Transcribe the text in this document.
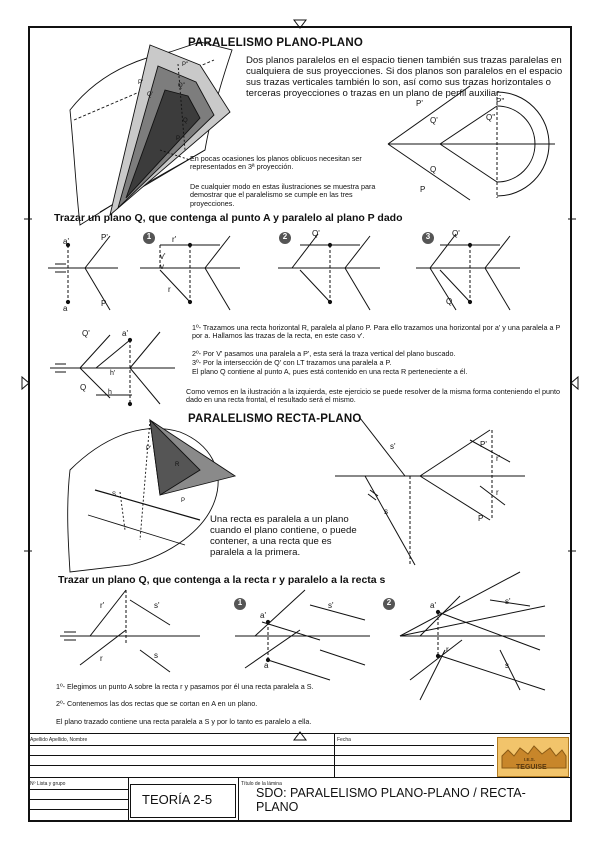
1	2	3
1	2
PARALELISMO PLANO-PLANO
Dos planos paralelos en el espacio tienen también sus trazas paralelas en cualquiera de sus proyecciones. Si dos planos son paralelos en el espacio sus trazas verticales también lo son, así como sus trazas horizontales o terceras proyecciones o trazas en un plano de perfil auxiliar.
En pocas ocasiones los planos oblicuos necesitan ser representados en 3ª proyección.
De cualquier modo en estas ilustraciones se muestra para demostrar que el paralelismo se cumple en las tres proyecciones.
P'
P''
Q'
Q''
Q
P
P'
Q'
P''
Q''
Q
P
Trazar un plano Q, que contenga al punto A y paralelo al plano P dado
a'	P'
a
P
r'
v'
v
r
Q'	Q'
Q
Q'	a'
h'
h
Q
1º- Trazamos una recta horizontal R, paralela al plano P. Para ello trazamos una horizontal por a' y una paralela a P por a. Hallamos las trazas de la recta, en este caso v'.
2º- Por V' pasamos una paralela a P', esta será la traza vertical del plano buscado.
3º- Por la intersección de Q' con LT trazamos una paralela a P.
El plano Q contiene al punto A, pues está contenido en una recta R perteneciente a él.
Como vemos en la ilustración a la izquierda, este ejercicio se puede resolver de la misma forma conteniendo el punto dado en una recta frontal, el resultado será el mismo.
PARALELISMO RECTA-PLANO
Una recta es paralela a un plano cuando el plano contiene, o puede contener, a una recta que es paralela a la primera.
P'
R
S
P
s'
s
P'
r'
r
P
Trazar un plano Q, que contenga a la recta r y paralelo a la recta s
r'	s'
r	s
a'
s'
a
a'	s'
r
s
1º- Elegimos un punto A sobre la recta r y pasamos por él una recta paralela a S.
2º- Contenemos las dos rectas que se cortan en A en un plano.
El plano trazado contiene una recta paralela a S y por lo tanto es paralelo a ella.
Apellido Apellido, Nombre	Fecha
Nº Lista y grupo	Título de la lámina
TEORÍA 2-5	SDO: PARALELISMO PLANO-PLANO / RECTA-PLANO
I.E.S.
TEGUISE
